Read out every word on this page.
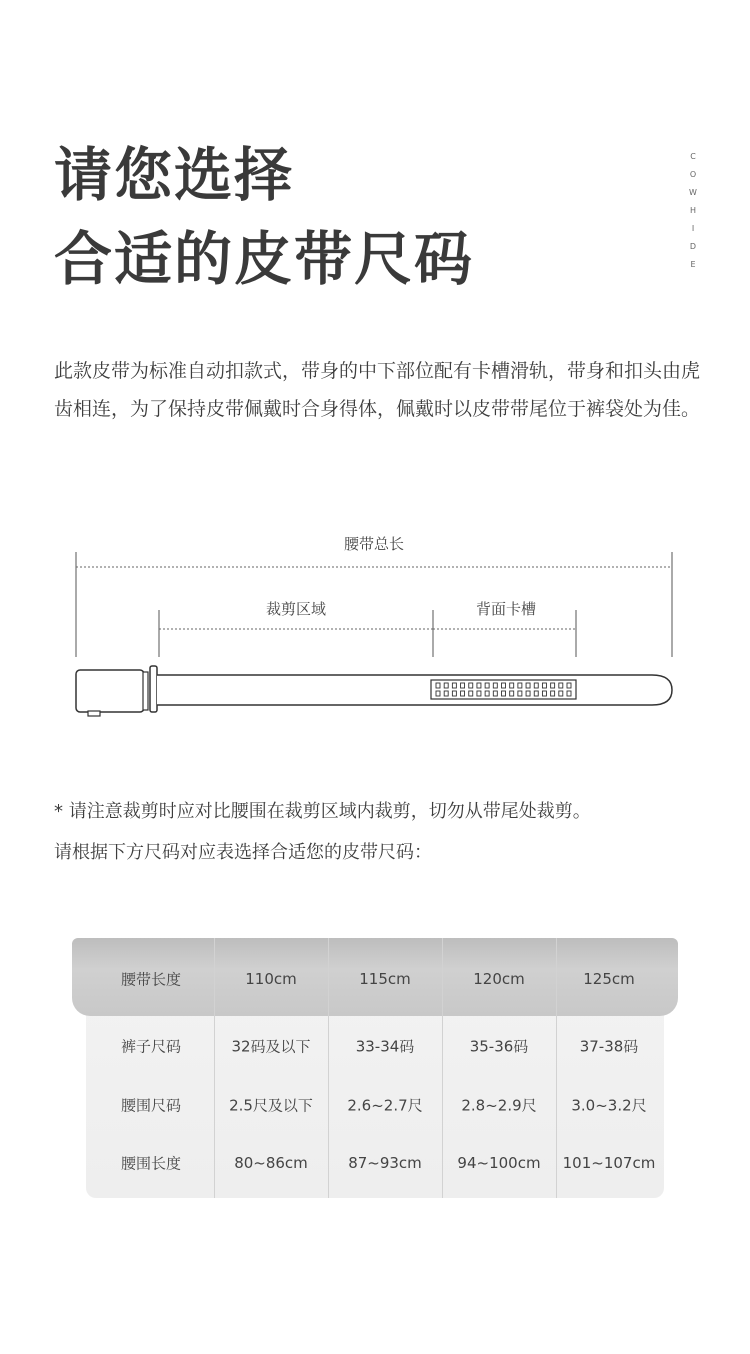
请您选择
合适的皮带尺码
C
O
W
H
I
D
E
此款皮带为标准自动扣款式，带身的中下部位配有卡槽滑轨，带身和扣头由虎齿相连，为了保持皮带佩戴时合身得体，佩戴时以皮带带尾位于裤袋处为佳。
腰带总长
裁剪区域	背面卡槽
* 请注意裁剪时应对比腰围在裁剪区域内裁剪，切勿从带尾处裁剪。
请根据下方尺码对应表选择合适您的皮带尺码：
腰带长度	110cm	115cm	120cm	125cm
裤子尺码	32码及以下	33-34码	35-36码	37-38码
腰围尺码	2.5尺及以下	2.6~2.7尺	2.8~2.9尺	3.0~3.2尺
腰围长度	80~86cm	87~93cm	94~100cm	101~107cm
